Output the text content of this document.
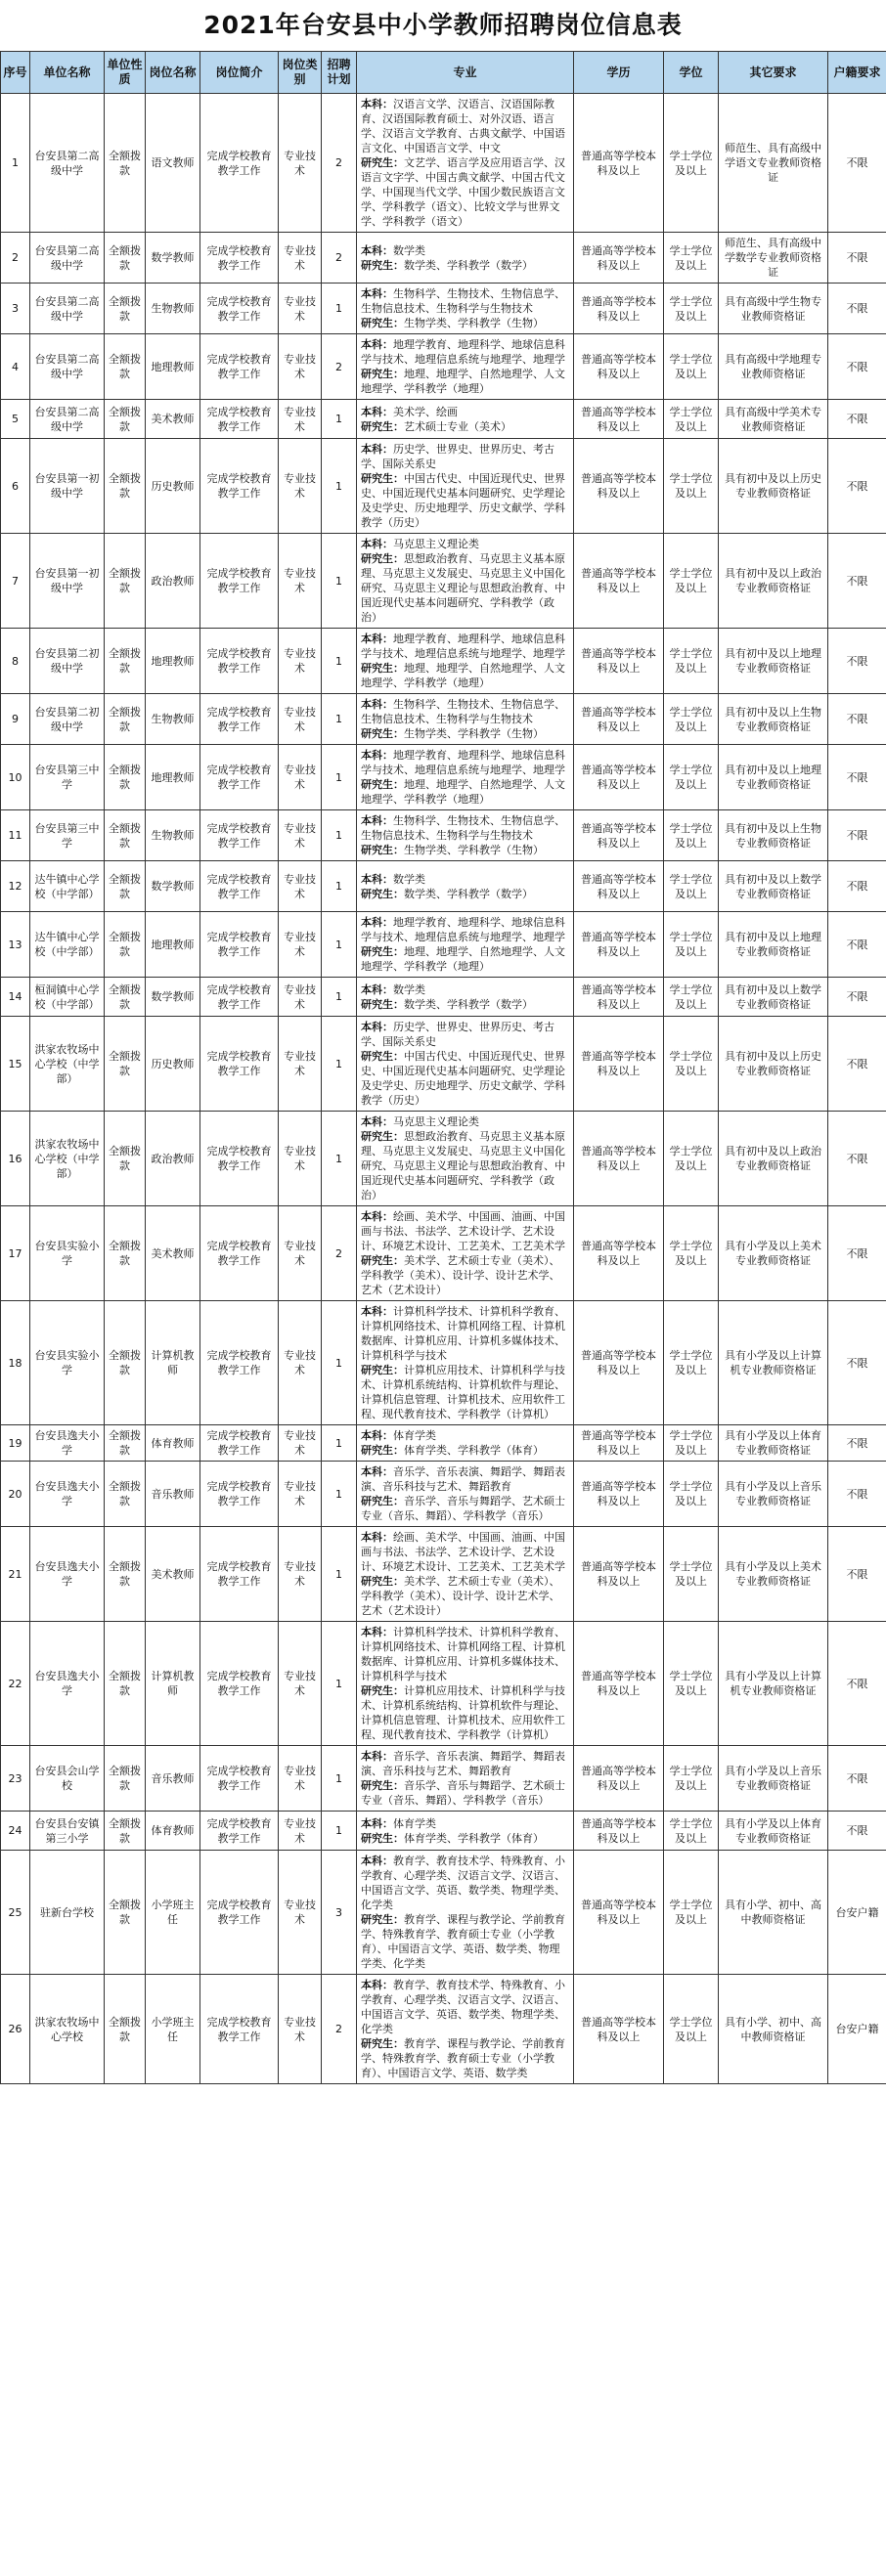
2021年台安县中小学教师招聘岗位信息表
序号	单位名称	单位性质	岗位名称	岗位简介	岗位类别	招聘计划	专业	学历	学位	其它要求	户籍要求
1	台安县第二高级中学	全额拨款	语文教师	完成学校教育教学工作	专业技术	2	本科：汉语言文学、汉语言、汉语国际教育、汉语国际教育硕士、对外汉语、语言学、汉语言文学教育、古典文献学、中国语言文化、中国语言文学、中文

研究生：文艺学、语言学及应用语言学、汉语言文字学、中国古典文献学、中国古代文学、中国现当代文学、中国少数民族语言文学、学科教学（语文）、比较文学与世界文学、学科教学（语文）	普通高等学校本科及以上	学士学位及以上	师范生、具有高级中学语文专业教师资格证	不限
2	台安县第二高级中学	全额拨款	数学教师	完成学校教育教学工作	专业技术	2	本科：数学类

研究生：数学类、学科教学（数学）	普通高等学校本科及以上	学士学位及以上	师范生、具有高级中学数学专业教师资格证	不限
3	台安县第二高级中学	全额拨款	生物教师	完成学校教育教学工作	专业技术	1	本科：生物科学、生物技术、生物信息学、生物信息技术、生物科学与生物技术

研究生：生物学类、学科教学（生物）	普通高等学校本科及以上	学士学位及以上	具有高级中学生物专业教师资格证	不限
4	台安县第二高级中学	全额拨款	地理教师	完成学校教育教学工作	专业技术	2	本科：地理学教育、地理科学、地球信息科学与技术、地理信息系统与地理学、地理学

研究生：地理、地理学、自然地理学、人文地理学、学科教学（地理）	普通高等学校本科及以上	学士学位及以上	具有高级中学地理专业教师资格证	不限
5	台安县第二高级中学	全额拨款	美术教师	完成学校教育教学工作	专业技术	1	本科：美术学、绘画

研究生：艺术硕士专业（美术）	普通高等学校本科及以上	学士学位及以上	具有高级中学美术专业教师资格证	不限
6	台安县第一初级中学	全额拨款	历史教师	完成学校教育教学工作	专业技术	1	本科：历史学、世界史、世界历史、考古学、国际关系史

研究生：中国古代史、中国近现代史、世界史、中国近现代史基本问题研究、史学理论及史学史、历史地理学、历史文献学、学科教学（历史）	普通高等学校本科及以上	学士学位及以上	具有初中及以上历史专业教师资格证	不限
7	台安县第一初级中学	全额拨款	政治教师	完成学校教育教学工作	专业技术	1	本科：马克思主义理论类

研究生：思想政治教育、马克思主义基本原理、马克思主义发展史、马克思主义中国化研究、马克思主义理论与思想政治教育、中国近现代史基本问题研究、学科教学（政治）	普通高等学校本科及以上	学士学位及以上	具有初中及以上政治专业教师资格证	不限
8	台安县第二初级中学	全额拨款	地理教师	完成学校教育教学工作	专业技术	1	本科：地理学教育、地理科学、地球信息科学与技术、地理信息系统与地理学、地理学

研究生：地理、地理学、自然地理学、人文地理学、学科教学（地理）	普通高等学校本科及以上	学士学位及以上	具有初中及以上地理专业教师资格证	不限
9	台安县第二初级中学	全额拨款	生物教师	完成学校教育教学工作	专业技术	1	本科：生物科学、生物技术、生物信息学、生物信息技术、生物科学与生物技术

研究生：生物学类、学科教学（生物）	普通高等学校本科及以上	学士学位及以上	具有初中及以上生物专业教师资格证	不限
10	台安县第三中学	全额拨款	地理教师	完成学校教育教学工作	专业技术	1	本科：地理学教育、地理科学、地球信息科学与技术、地理信息系统与地理学、地理学

研究生：地理、地理学、自然地理学、人文地理学、学科教学（地理）	普通高等学校本科及以上	学士学位及以上	具有初中及以上地理专业教师资格证	不限
11	台安县第三中学	全额拨款	生物教师	完成学校教育教学工作	专业技术	1	本科：生物科学、生物技术、生物信息学、生物信息技术、生物科学与生物技术

研究生：生物学类、学科教学（生物）	普通高等学校本科及以上	学士学位及以上	具有初中及以上生物专业教师资格证	不限
12	达牛镇中心学校（中学部）	全额拨款	数学教师	完成学校教育教学工作	专业技术	1	本科：数学类

研究生：数学类、学科教学（数学）	普通高等学校本科及以上	学士学位及以上	具有初中及以上数学专业教师资格证	不限
13	达牛镇中心学校（中学部）	全额拨款	地理教师	完成学校教育教学工作	专业技术	1	本科：地理学教育、地理科学、地球信息科学与技术、地理信息系统与地理学、地理学

研究生：地理、地理学、自然地理学、人文地理学、学科教学（地理）	普通高等学校本科及以上	学士学位及以上	具有初中及以上地理专业教师资格证	不限
14	桓洞镇中心学校（中学部）	全额拨款	数学教师	完成学校教育教学工作	专业技术	1	本科：数学类

研究生：数学类、学科教学（数学）	普通高等学校本科及以上	学士学位及以上	具有初中及以上数学专业教师资格证	不限
15	洪家农牧场中心学校（中学部）	全额拨款	历史教师	完成学校教育教学工作	专业技术	1	本科：历史学、世界史、世界历史、考古学、国际关系史

研究生：中国古代史、中国近现代史、世界史、中国近现代史基本问题研究、史学理论及史学史、历史地理学、历史文献学、学科教学（历史）	普通高等学校本科及以上	学士学位及以上	具有初中及以上历史专业教师资格证	不限
16	洪家农牧场中心学校（中学部）	全额拨款	政治教师	完成学校教育教学工作	专业技术	1	本科：马克思主义理论类

研究生：思想政治教育、马克思主义基本原理、马克思主义发展史、马克思主义中国化研究、马克思主义理论与思想政治教育、中国近现代史基本问题研究、学科教学（政治）	普通高等学校本科及以上	学士学位及以上	具有初中及以上政治专业教师资格证	不限
17	台安县实验小学	全额拨款	美术教师	完成学校教育教学工作	专业技术	2	本科：绘画、美术学、中国画、油画、中国画与书法、书法学、艺术设计学、艺术设计、环境艺术设计、工艺美术、工艺美术学

研究生：美术学、艺术硕士专业（美术）、学科教学（美术）、设计学、设计艺术学、艺术（艺术设计）	普通高等学校本科及以上	学士学位及以上	具有小学及以上美术专业教师资格证	不限
18	台安县实验小学	全额拨款	计算机教师	完成学校教育教学工作	专业技术	1	本科：计算机科学技术、计算机科学教育、计算机网络技术、计算机网络工程、计算机数据库、计算机应用、计算机多媒体技术、计算机科学与技术

研究生：计算机应用技术、计算机科学与技术、计算机系统结构、计算机软件与理论、计算机信息管理、计算机技术、应用软件工程、现代教育技术、学科教学（计算机）	普通高等学校本科及以上	学士学位及以上	具有小学及以上计算机专业教师资格证	不限
19	台安县逸夫小学	全额拨款	体育教师	完成学校教育教学工作	专业技术	1	本科：体育学类

研究生：体育学类、学科教学（体育）	普通高等学校本科及以上	学士学位及以上	具有小学及以上体育专业教师资格证	不限
20	台安县逸夫小学	全额拨款	音乐教师	完成学校教育教学工作	专业技术	1	本科：音乐学、音乐表演、舞蹈学、舞蹈表演、音乐科技与艺术、舞蹈教育

研究生：音乐学、音乐与舞蹈学、艺术硕士专业（音乐、舞蹈）、学科教学（音乐）	普通高等学校本科及以上	学士学位及以上	具有小学及以上音乐专业教师资格证	不限
21	台安县逸夫小学	全额拨款	美术教师	完成学校教育教学工作	专业技术	1	本科：绘画、美术学、中国画、油画、中国画与书法、书法学、艺术设计学、艺术设计、环境艺术设计、工艺美术、工艺美术学

研究生：美术学、艺术硕士专业（美术）、学科教学（美术）、设计学、设计艺术学、艺术（艺术设计）	普通高等学校本科及以上	学士学位及以上	具有小学及以上美术专业教师资格证	不限
22	台安县逸夫小学	全额拨款	计算机教师	完成学校教育教学工作	专业技术	1	本科：计算机科学技术、计算机科学教育、计算机网络技术、计算机网络工程、计算机数据库、计算机应用、计算机多媒体技术、计算机科学与技术

研究生：计算机应用技术、计算机科学与技术、计算机系统结构、计算机软件与理论、计算机信息管理、计算机技术、应用软件工程、现代教育技术、学科教学（计算机）	普通高等学校本科及以上	学士学位及以上	具有小学及以上计算机专业教师资格证	不限
23	台安县会山学校	全额拨款	音乐教师	完成学校教育教学工作	专业技术	1	本科：音乐学、音乐表演、舞蹈学、舞蹈表演、音乐科技与艺术、舞蹈教育

研究生：音乐学、音乐与舞蹈学、艺术硕士专业（音乐、舞蹈）、学科教学（音乐）	普通高等学校本科及以上	学士学位及以上	具有小学及以上音乐专业教师资格证	不限
24	台安县台安镇第三小学	全额拨款	体育教师	完成学校教育教学工作	专业技术	1	本科：体育学类

研究生：体育学类、学科教学（体育）	普通高等学校本科及以上	学士学位及以上	具有小学及以上体育专业教师资格证	不限
25	驻新台学校	全额拨款	小学班主任	完成学校教育教学工作	专业技术	3	本科：教育学、教育技术学、特殊教育、小学教育、心理学类、汉语言文学、汉语言、中国语言文学、英语、数学类、物理学类、化学类

研究生：教育学、课程与教学论、学前教育学、特殊教育学、教育硕士专业（小学教育）、中国语言文学、英语、数学类、物理学类、化学类	普通高等学校本科及以上	学士学位及以上	具有小学、初中、高中教师资格证	台安户籍
26	洪家农牧场中心学校	全额拨款	小学班主任	完成学校教育教学工作	专业技术	2	本科：教育学、教育技术学、特殊教育、小学教育、心理学类、汉语言文学、汉语言、中国语言文学、英语、数学类、物理学类、化学类

研究生：教育学、课程与教学论、学前教育学、特殊教育学、教育硕士专业（小学教育）、中国语言文学、英语、数学类	普通高等学校本科及以上	学士学位及以上	具有小学、初中、高中教师资格证	台安户籍
